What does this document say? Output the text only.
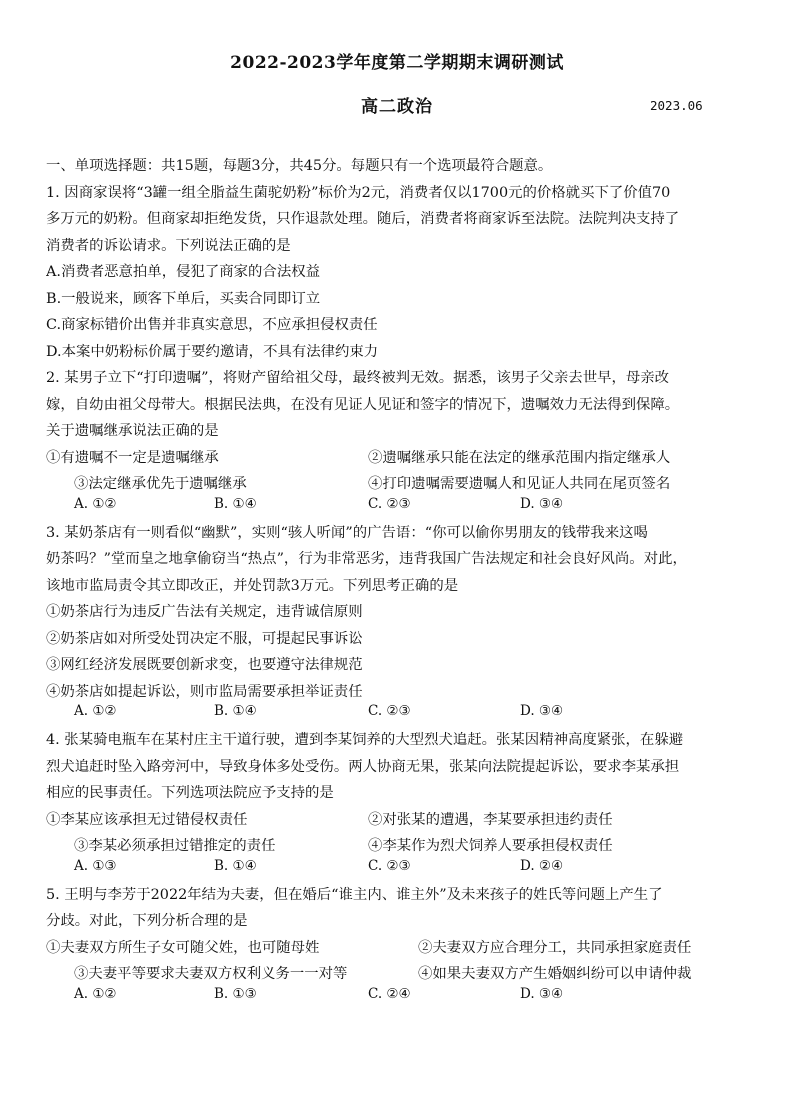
2022-2023学年度第二学期期末调研测试
高二政治	2023.06
一、单项选择题：共15题，每题3分，共45分。每题只有一个选项最符合题意。
1. 因商家误将“3罐一组全脂益生菌驼奶粉”标价为2元，消费者仅以1700元的价格就买下了价值70
多万元的奶粉。但商家却拒绝发货，只作退款处理。随后，消费者将商家诉至法院。法院判决支持了
消费者的诉讼请求。下列说法正确的是
A.消费者恶意拍单，侵犯了商家的合法权益
B.一般说来，顾客下单后，买卖合同即订立
C.商家标错价出售并非真实意思，不应承担侵权责任
D.本案中奶粉标价属于要约邀请，不具有法律约束力
2. 某男子立下“打印遗嘱”，将财产留给祖父母，最终被判无效。据悉，该男子父亲去世早，母亲改
嫁，自幼由祖父母带大。根据民法典，在没有见证人见证和签字的情况下，遗嘱效力无法得到保障。
关于遗嘱继承说法正确的是
①有遗嘱不一定是遗嘱继承	②遗嘱继承只能在法定的继承范围内指定继承人
③法定继承优先于遗嘱继承	④打印遗嘱需要遗嘱人和见证人共同在尾页签名
A. ①②	B. ①④	C. ②③	D. ③④
3. 某奶茶店有一则看似“幽默”，实则“骇人听闻”的广告语：“你可以偷你男朋友的钱带我来这喝
奶茶吗？”堂而皇之地拿偷窃当“热点”，行为非常恶劣，违背我国广告法规定和社会良好风尚。对此，
该地市监局责令其立即改正，并处罚款3万元。下列思考正确的是
①奶茶店行为违反广告法有关规定，违背诚信原则
②奶茶店如对所受处罚决定不服，可提起民事诉讼
③网红经济发展既要创新求变，也要遵守法律规范
④奶茶店如提起诉讼，则市监局需要承担举证责任
A. ①②	B. ①④	C. ②③	D. ③④
4. 张某骑电瓶车在某村庄主干道行驶，遭到李某饲养的大型烈犬追赶。张某因精神高度紧张，在躲避
烈犬追赶时坠入路旁河中，导致身体多处受伤。两人协商无果，张某向法院提起诉讼，要求李某承担
相应的民事责任。下列选项法院应予支持的是
①李某应该承担无过错侵权责任	②对张某的遭遇，李某要承担违约责任
③李某必须承担过错推定的责任	④李某作为烈犬饲养人要承担侵权责任
A. ①③	B. ①④	C. ②③	D. ②④
5. 王明与李芳于2022年结为夫妻，但在婚后“谁主内、谁主外”及未来孩子的姓氏等问题上产生了
分歧。对此，下列分析合理的是
①夫妻双方所生子女可随父姓，也可随母姓	②夫妻双方应合理分工，共同承担家庭责任
③夫妻平等要求夫妻双方权利义务一一对等	④如果夫妻双方产生婚姻纠纷可以申请仲裁
A. ①②	B. ①③	C. ②④	D. ③④
